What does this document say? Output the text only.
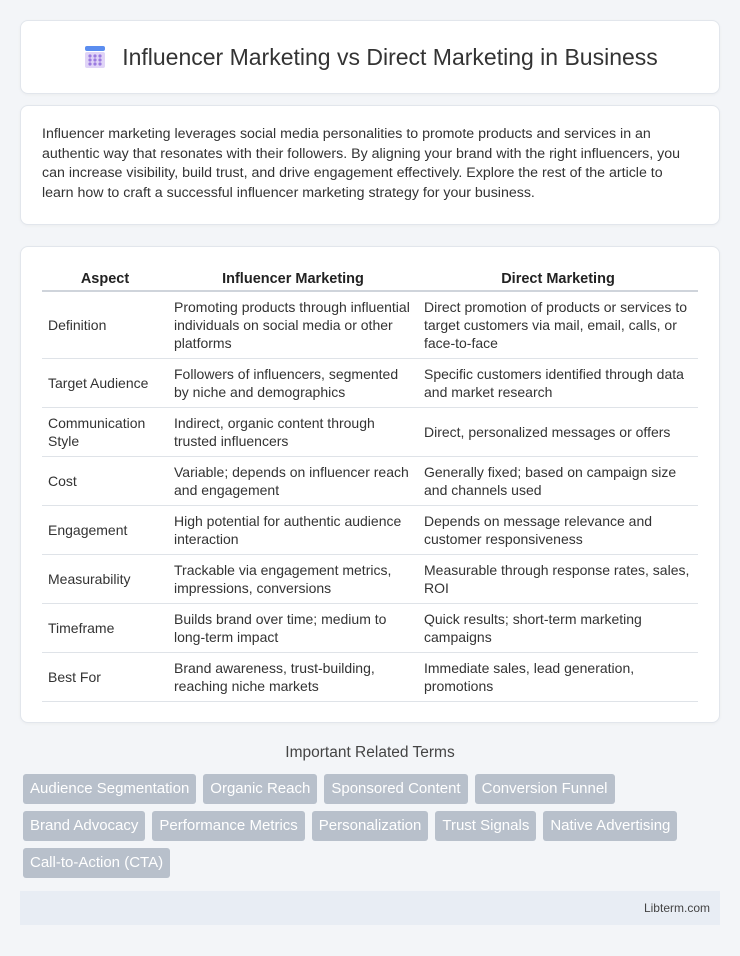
Influencer Marketing vs Direct Marketing in Business
Influencer marketing leverages social media personalities to promote products and services in an authentic way that resonates with their followers. By aligning your brand with the right influencers, you can increase visibility, build trust, and drive engagement effectively. Explore the rest of the article to learn how to craft a successful influencer marketing strategy for your business.
Aspect	Influencer Marketing	Direct Marketing
Definition	Promoting products through influential individuals on social media or other platforms	Direct promotion of products or services to target customers via mail, email, calls, or face-to-face
Target Audience	Followers of influencers, segmented by niche and demographics	Specific customers identified through data and market research
Communication Style	Indirect, organic content through trusted influencers	Direct, personalized messages or offers
Cost	Variable; depends on influencer reach and engagement	Generally fixed; based on campaign size and channels used
Engagement	High potential for authentic audience interaction	Depends on message relevance and customer responsiveness
Measurability	Trackable via engagement metrics, impressions, conversions	Measurable through response rates, sales, ROI
Timeframe	Builds brand over time; medium to long-term impact	Quick results; short-term marketing campaigns
Best For	Brand awareness, trust-building, reaching niche markets	Immediate sales, lead generation, promotions
Important Related Terms
Audience Segmentation	Organic Reach	Sponsored Content	Conversion Funnel
Brand Advocacy	Performance Metrics	Personalization	Trust Signals	Native Advertising
Call-to-Action (CTA)
Libterm.com
